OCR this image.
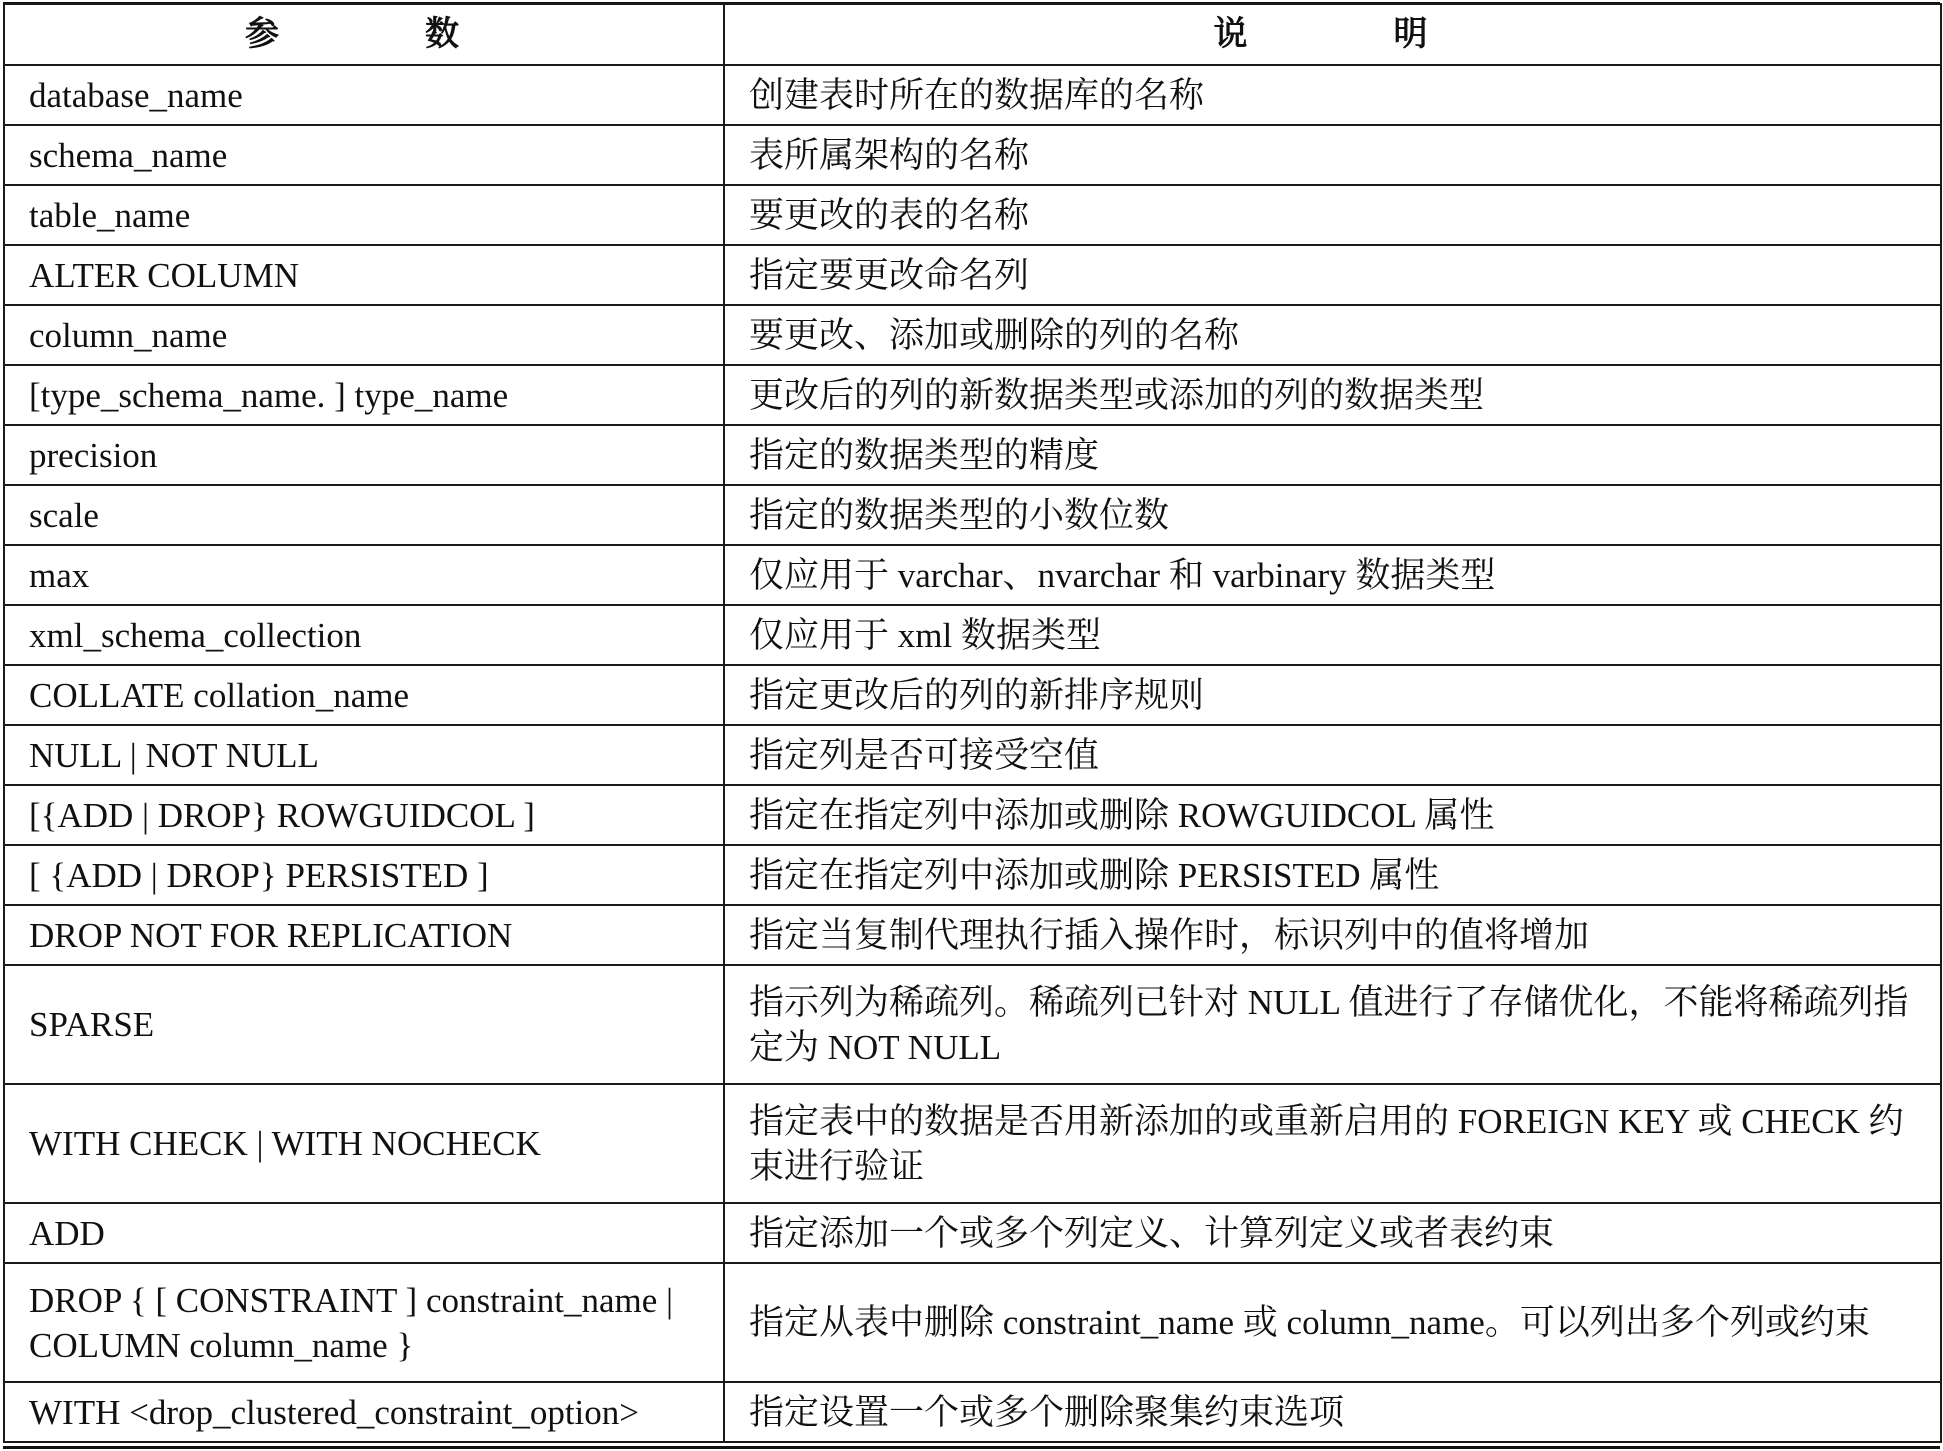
参　数	说　明
database_name	创建表时所在的数据库的名称
schema_name	表所属架构的名称
table_name	要更改的表的名称
ALTER COLUMN	指定要更改命名列
column_name	要更改、添加或删除的列的名称
[type_schema_name. ] type_name	更改后的列的新数据类型或添加的列的数据类型
precision	指定的数据类型的精度
scale	指定的数据类型的小数位数
max	仅应用于 varchar、nvarchar 和 varbinary 数据类型
xml_schema_collection	仅应用于 xml 数据类型
COLLATE collation_name	指定更改后的列的新排序规则
NULL | NOT NULL	指定列是否可接受空值
[{ADD | DROP} ROWGUIDCOL ]	指定在指定列中添加或删除 ROWGUIDCOL 属性
[ {ADD | DROP} PERSISTED ]	指定在指定列中添加或删除 PERSISTED 属性
DROP NOT FOR REPLICATION	指定当复制代理执行插入操作时，标识列中的值将增加
SPARSE	指示列为稀疏列。稀疏列已针对 NULL 值进行了存储优化，不能将稀疏列指定为 NOT NULL
WITH CHECK | WITH NOCHECK	指定表中的数据是否用新添加的或重新启用的 FOREIGN KEY 或 CHECK 约束进行验证
ADD	指定添加一个或多个列定义、计算列定义或者表约束
DROP { [ CONSTRAINT ] constraint_name | COLUMN column_name }	指定从表中删除 constraint_name 或 column_name。可以列出多个列或约束
WITH <drop_clustered_constraint_option>	指定设置一个或多个删除聚集约束选项
